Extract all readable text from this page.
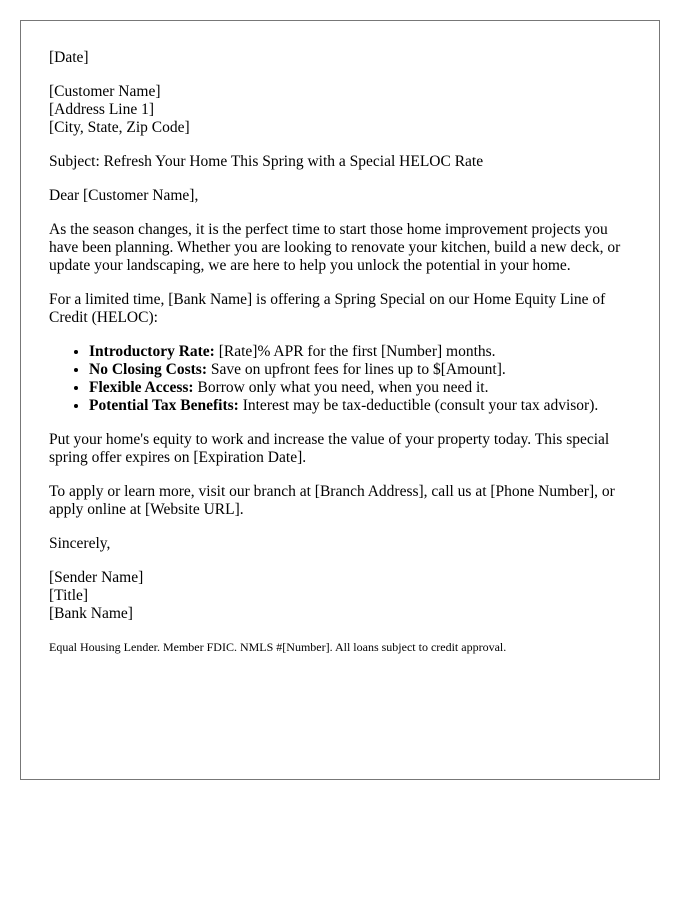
[Date]
[Customer Name]
[Address Line 1]
[City, State, Zip Code]
Subject: Refresh Your Home This Spring with a Special HELOC Rate
Dear [Customer Name],
As the season changes, it is the perfect time to start those home improvement projects you have been planning. Whether you are looking to renovate your kitchen, build a new deck, or update your landscaping, we are here to help you unlock the potential in your home.
For a limited time, [Bank Name] is offering a Spring Special on our Home Equity Line of Credit (HELOC):
• Introductory Rate: [Rate]% APR for the first [Number] months.
• No Closing Costs: Save on upfront fees for lines up to $[Amount].
• Flexible Access: Borrow only what you need, when you need it.
• Potential Tax Benefits: Interest may be tax-deductible (consult your tax advisor).
Put your home's equity to work and increase the value of your property today. This special spring offer expires on [Expiration Date].
To apply or learn more, visit our branch at [Branch Address], call us at [Phone Number], or apply online at [Website URL].
Sincerely,
[Sender Name]
[Title]
[Bank Name]
Equal Housing Lender. Member FDIC. NMLS #[Number]. All loans subject to credit approval.
